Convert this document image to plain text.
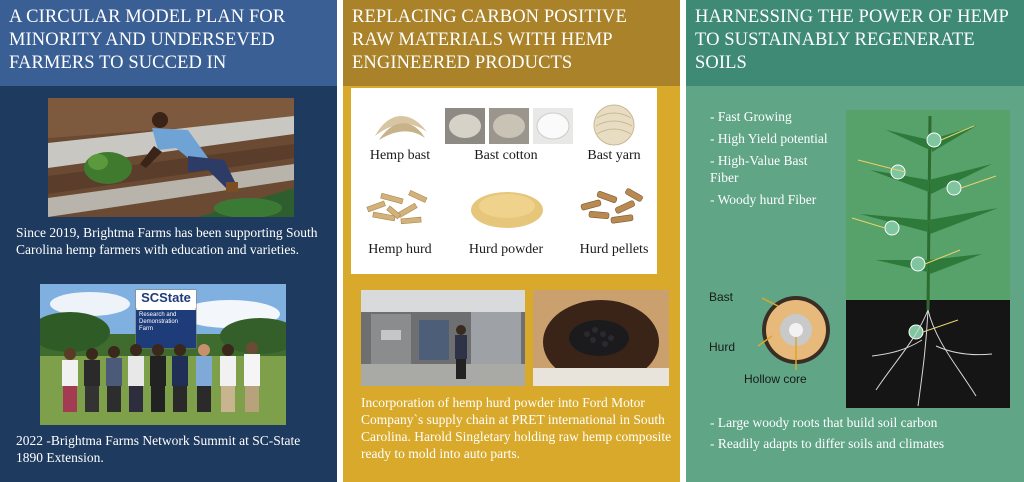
A CIRCULAR MODEL PLAN FOR MINORITY AND UNDERSEVED FARMERS TO SUCCED IN
Since 2019, Brightma Farms has been supporting South Carolina hemp farmers with education and varieties.
SCState
Research and Demonstration Farm
2022 -Brightma Farms Network Summit at SC-State 1890 Extension.
REPLACING CARBON POSITIVE RAW MATERIALS WITH HEMP ENGINEERED PRODUCTS
Hemp bast	Bast cotton	Bast yarn
Hemp hurd	Hurd powder	Hurd pellets
Incorporation of hemp hurd powder into Ford Motor Company`s supply chain at PRET international in South Carolina. Harold Singletary holding raw hemp composite ready to mold into auto parts.
HARNESSING THE POWER OF HEMP TO SUSTAINABLY REGENERATE SOILS
- Fast Growing
- High Yield potential
- High-Value Bast Fiber
- Woody hurd Fiber
Bast
Hurd
Hollow core
- Large woody roots that build soil carbon
- Readily adapts to differ soils and climates
